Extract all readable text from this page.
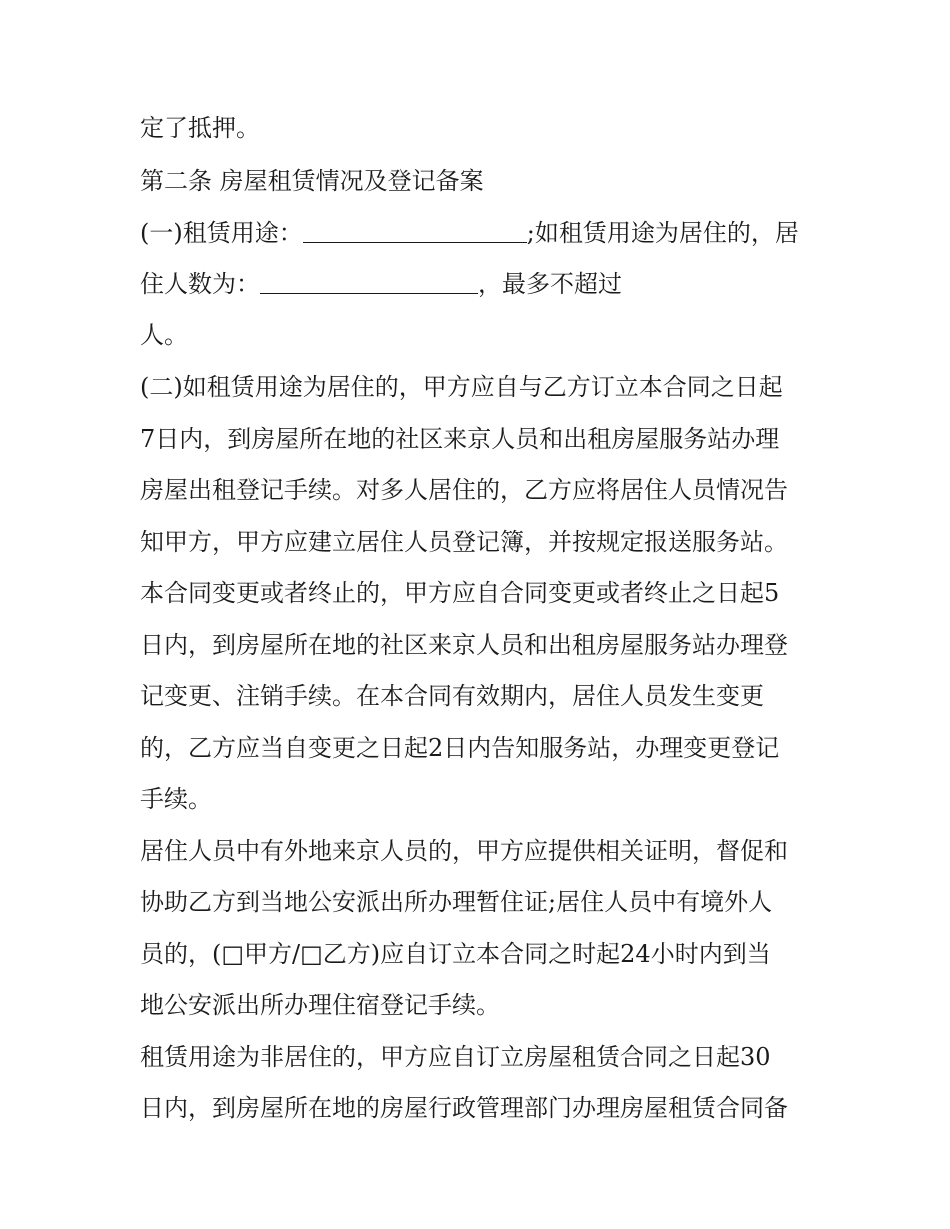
定了抵押。
第二条 房屋租赁情况及登记备案
(一)租赁用途：	;如租赁用途为居住的，居
住人数为：	，最多不超过
人。
(二)如租赁用途为居住的，甲方应自与乙方订立本合同之日起
7日内，到房屋所在地的社区来京人员和出租房屋服务站办理
房屋出租登记手续。对多人居住的，乙方应将居住人员情况告
知甲方，甲方应建立居住人员登记簿，并按规定报送服务站。
本合同变更或者终止的，甲方应自合同变更或者终止之日起5
日内，到房屋所在地的社区来京人员和出租房屋服务站办理登
记变更、注销手续。在本合同有效期内，居住人员发生变更
的，乙方应当自变更之日起2日内告知服务站，办理变更登记
手续。
居住人员中有外地来京人员的，甲方应提供相关证明，督促和
协助乙方到当地公安派出所办理暂住证;居住人员中有境外人
员的，(□甲方/□乙方)应自订立本合同之时起24小时内到当
地公安派出所办理住宿登记手续。
租赁用途为非居住的，甲方应自订立房屋租赁合同之日起30
日内，到房屋所在地的房屋行政管理部门办理房屋租赁合同备
